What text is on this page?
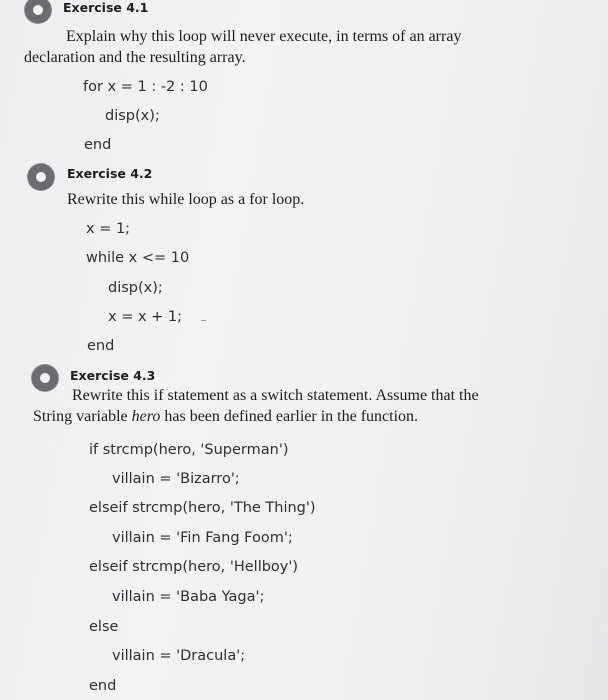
Exercise 4.1
Explain why this loop will never execute, in terms of an array
declaration and the resulting array.
for x = 1 : -2 : 10
disp(x);
end
Exercise 4.2
Rewrite this while loop as a for loop.
x = 1;
while x <= 10
disp(x);
x = x + 1;
end
Exercise 4.3
Rewrite this if statement as a switch statement. Assume that the
String variable hero has been defined earlier in the function.
if strcmp(hero, 'Superman')
villain = 'Bizarro';
elseif strcmp(hero, 'The Thing')
villain = 'Fin Fang Foom';
elseif strcmp(hero, 'Hellboy')
villain = 'Baba Yaga';
else
villain = 'Dracula';
end
